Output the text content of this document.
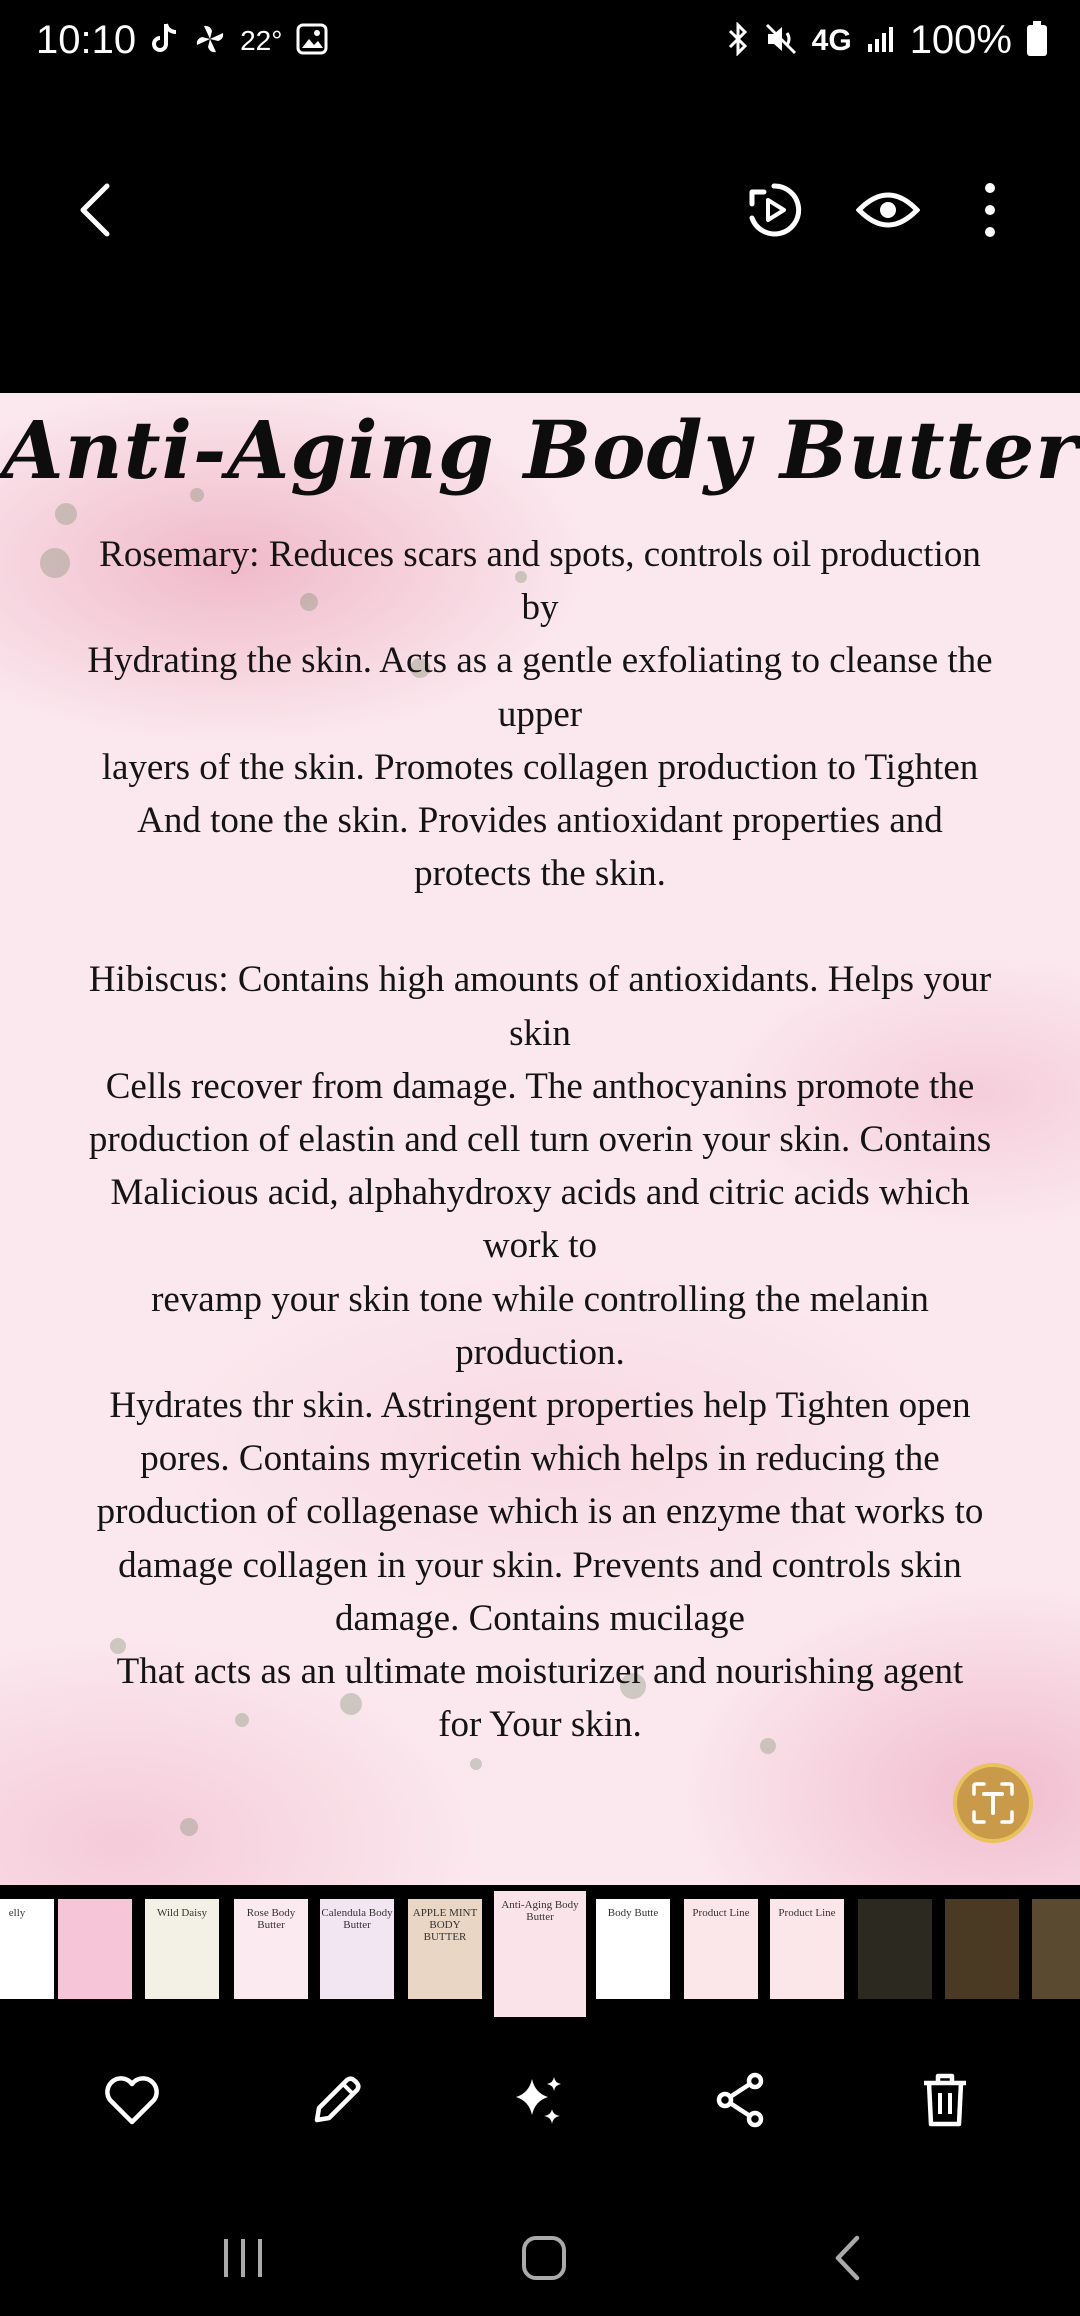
10:10	22°	4G 100%
Anti-Aging Body Butter

Rosemary: Reduces scars and spots, controls oil production

by

Hydrating the skin. Acts as a gentle exfoliating to cleanse the

upper

layers of the skin. Promotes collagen production to Tighten

And tone the skin. Provides antioxidant properties and

protects the skin.

Hibiscus: Contains high amounts of antioxidants. Helps your

skin

Cells recover from damage. The anthocyanins promote the

production of elastin and cell turn overin your skin. Contains

Malicious acid, alphahydroxy acids and citric acids which

work to

revamp your skin tone while controlling the melanin

production.

Hydrates thr skin. Astringent properties help Tighten open

pores. Contains myricetin which helps in reducing the

production of collagenase which is an enzyme that works to

damage collagen in your skin. Prevents and controls skin

damage. Contains mucilage

That acts as an ultimate moisturizer and nourishing agent

for Your skin.

elly	Wild Daisy	Rose Body Butter
Calendula Body Butter
APPLE MINT BODY BUTTER
Anti-Aging Body Butter	Body Butte	Product Line	Product Line
